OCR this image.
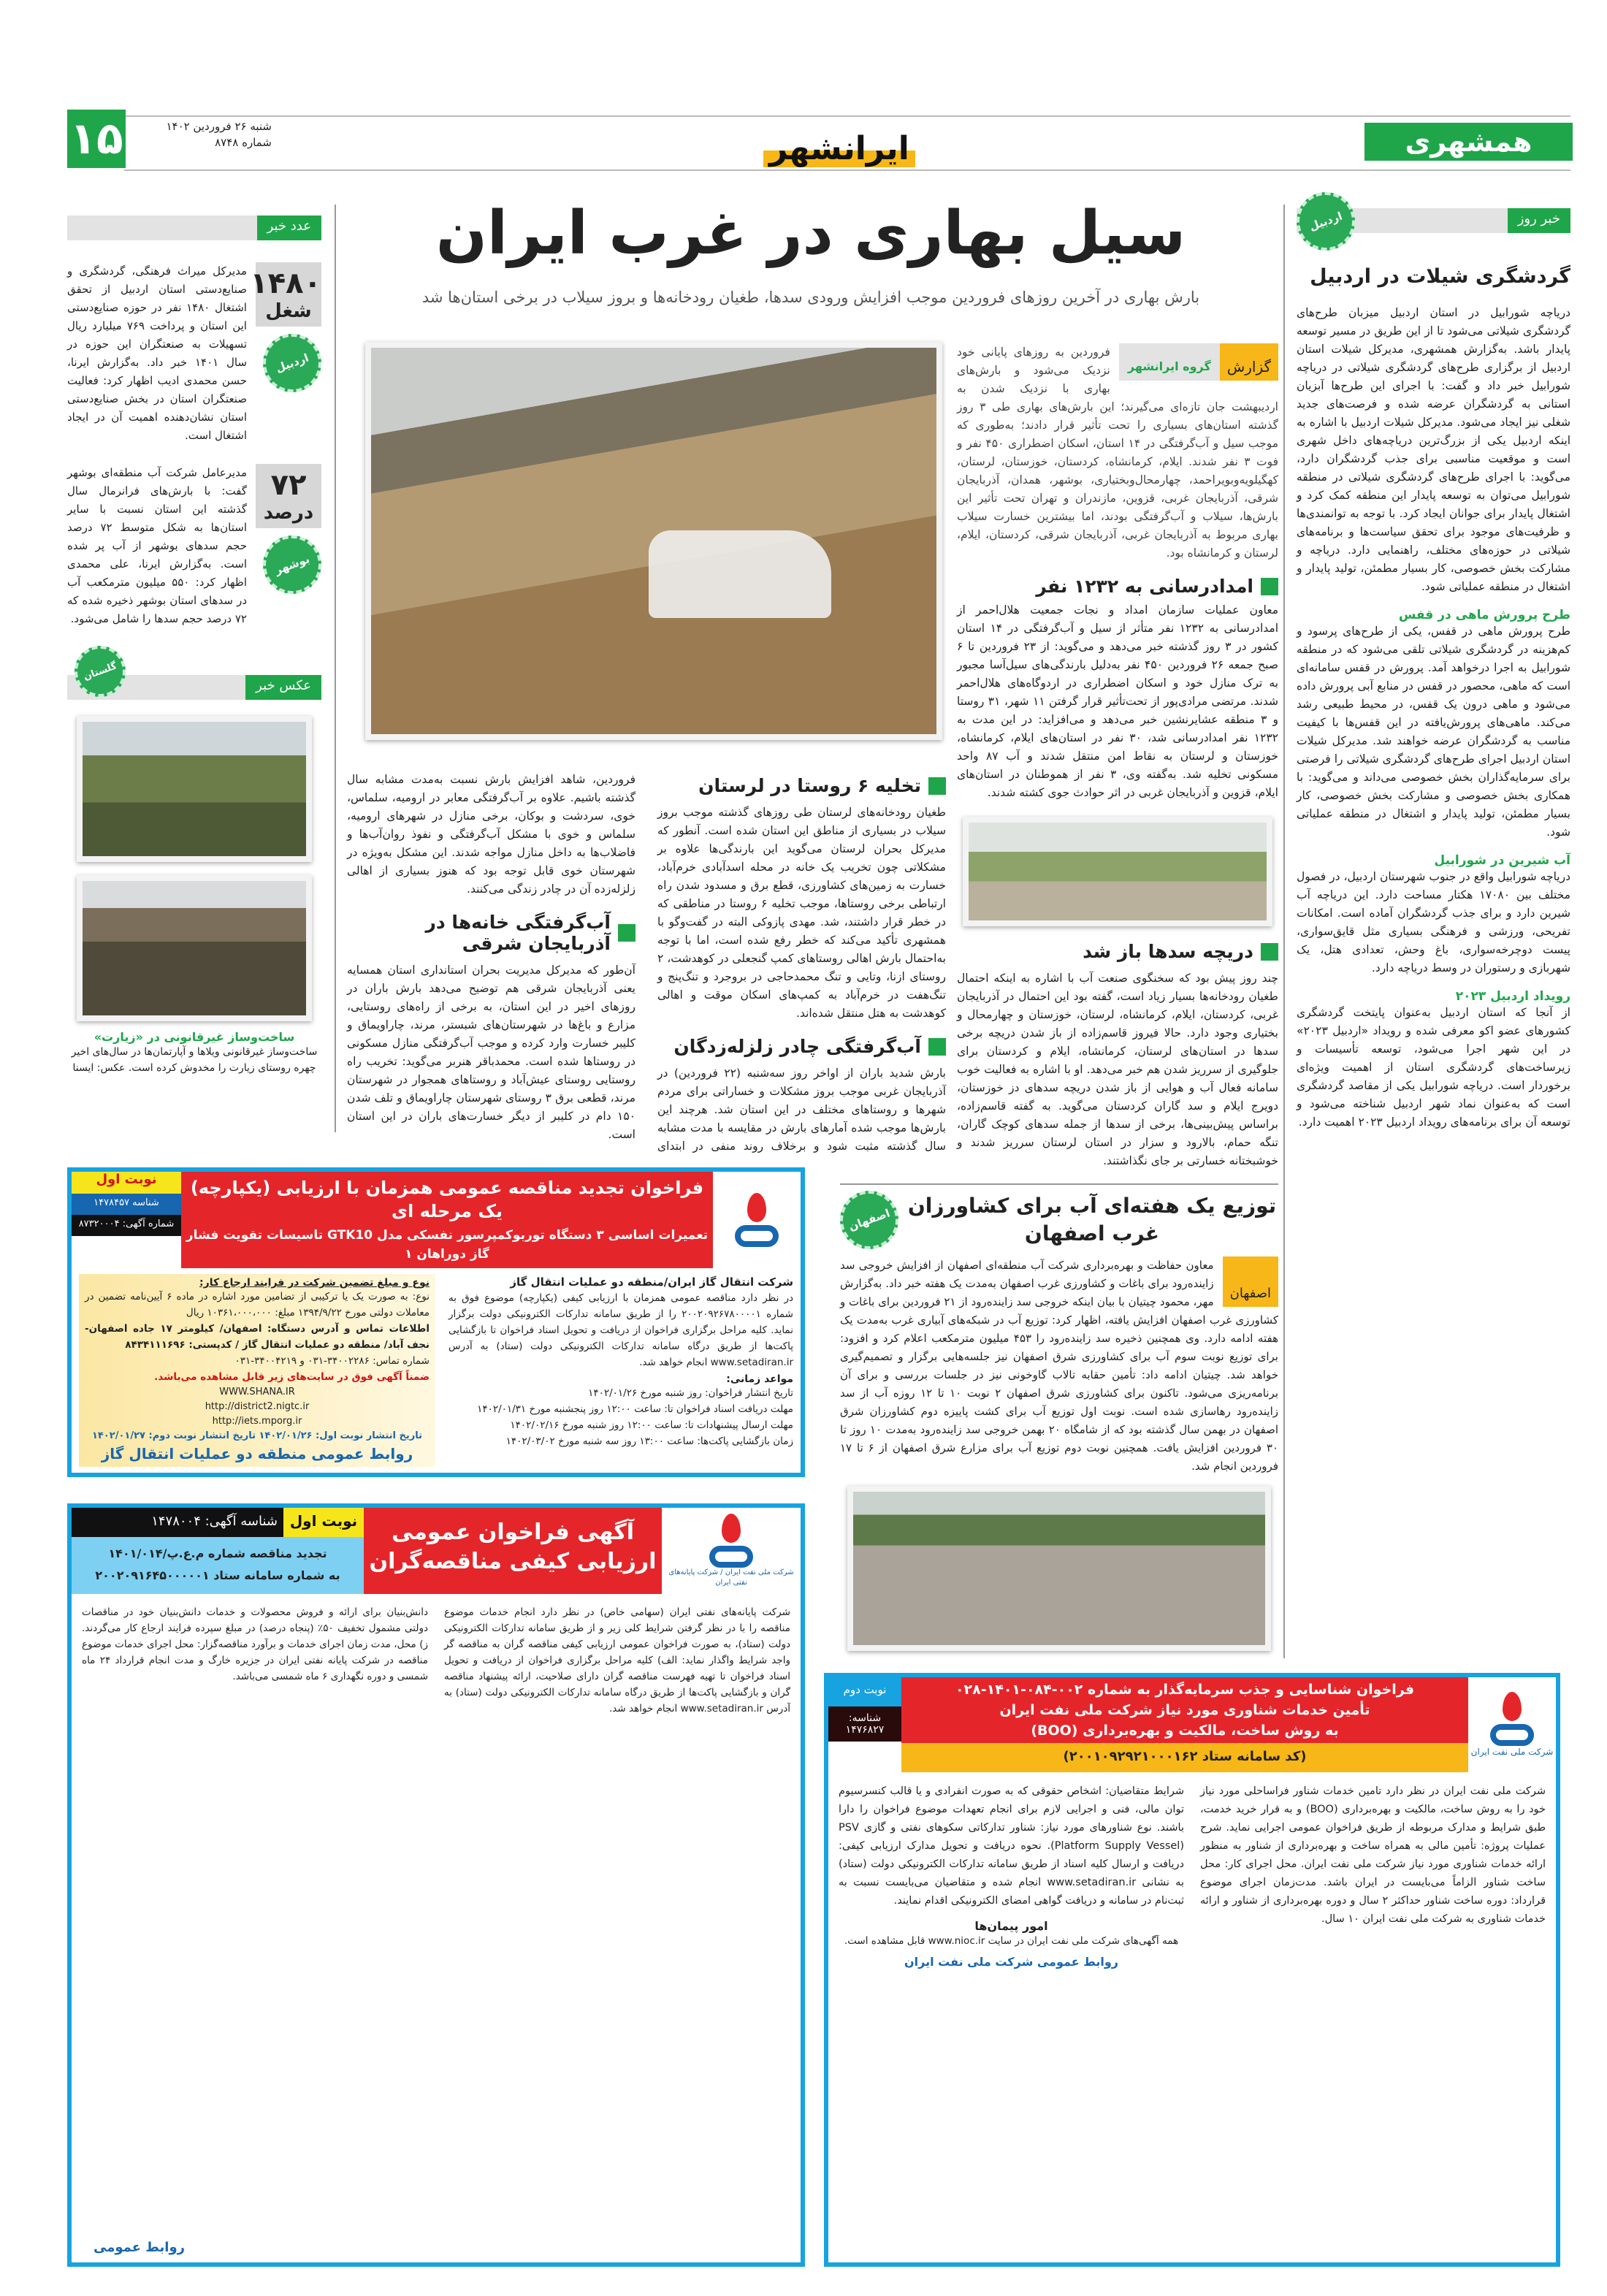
۱۵	شنبه ۲۶ فروردین ۱۴۰۲
شماره ۸۷۴۸	ایرانشهر	همشهری
خبر روز
اردبیل
گردشگری شیلات در اردبیل

دریاچه شورابیل در استان اردبیل میزبان طرح‌های گردشگری شیلاتی می‌شود تا از این طریق در مسیر توسعه پایدار باشد. به‌گزارش همشهری، مدیرکل شیلات استان اردبیل از برگزاری طرح‌های گردشگری شیلاتی در دریاچه شورابیل خبر داد و گفت: با اجرای این طرح‌ها آبزیان استانی به گردشگران عرضه شده و فرصت‌های جدید شغلی نیز ایجاد می‌شود. مدیرکل شیلات اردبیل با اشاره به اینکه اردبیل یکی از بزرگ‌ترین دریاچه‌های داخل شهری است و موقعیت مناسبی برای جذب گردشگران دارد، می‌گوید: با اجرای طرح‌های گردشگری شیلاتی در منطقه شورابیل می‌توان به توسعه پایدار این منطقه کمک کرد و اشتغال پایدار برای جوانان ایجاد کرد. با توجه به توانمندی‌ها و ظرفیت‌های موجود برای تحقق سیاست‌ها و برنامه‌های شیلاتی در حوزه‌های مختلف، راهنمایی دارد. دریاچه و مشارکت بخش خصوصی، کار بسیار مطمئن، تولید پایدار و اشتغال در منطقه عملیاتی شود.

طرح پرورش ماهی در قفس

طرح پرورش ماهی در قفس، یکی از طرح‌های پرسود و کم‌هزینه در گردشگری شیلاتی تلقی می‌شود که در منطقه شورابیل به اجرا درخواهد آمد. پرورش در قفس سامانه‌ای است که ماهی، محصور در قفس در منابع آبی پرورش داده می‌شود و ماهی درون یک قفس، در محیط طبیعی رشد می‌کند. ماهی‌های پرورش‌یافته در این قفس‌ها با کیفیت مناسب به گردشگران عرضه خواهند شد. مدیرکل شیلات استان اردبیل اجرای طرح‌های گردشگری شیلاتی را فرصتی برای سرمایه‌گذاران بخش خصوصی می‌داند و می‌گوید: با همکاری بخش خصوصی و مشارکت بخش خصوصی، کار بسیار مطمئن، تولید پایدار و اشتغال در منطقه عملیاتی شود.

آب شیرین در شورابیل

دریاچه شورابیل واقع در جنوب شهرستان اردبیل، در فصول مختلف بین ۱۷۰۸۰ هکتار مساحت دارد. این دریاچه آب شیرین دارد و برای جذب گردشگران آماده است. امکانات تفریحی، ورزشی و فرهنگی بسیاری مثل قایق‌سواری، پیست دوچرخه‌سواری، باغ وحش، تعدادی هتل، یک شهربازی و رستوران در وسط دریاچه دارد.

رویداد اردبیل ۲۰۲۳

از آنجا که استان اردبیل به‌عنوان پایتخت گردشگری کشورهای عضو اکو معرفی شده و رویداد «اردبیل ۲۰۲۳» در این شهر اجرا می‌شود، توسعه تأسیسات و زیرساخت‌های گردشگری استان از اهمیت ویژه‌ای برخوردار است. دریاچه شورابیل یکی از مقاصد گردشگری است که به‌عنوان نماد شهر اردبیل شناخته می‌شود و توسعه آن برای برنامه‌های رویداد اردبیل ۲۰۲۳ اهمیت دارد.

عدد خبر
۱۴۸۰
شغل
اردبیل

مدیرکل میراث فرهنگی، گردشگری و صنایع‌دستی استان اردبیل از تحقق اشتغال ۱۴۸۰ نفر در حوزه صنایع‌دستی این استان و پرداخت ۷۶۹ میلیارد ریال تسهیلات به صنعتگران این حوزه در سال ۱۴۰۱ خبر داد. به‌گزارش ایرنا، حسن محمدی ادیب اظهار کرد: فعالیت صنعتگران استان در بخش صنایع‌دستی استان نشان‌دهنده اهمیت آن در ایجاد اشتغال است.

۷۲
درصد
بوشهر

مدیرعامل شرکت آب منطقه‌ای بوشهر گفت: با بارش‌های فرانرمال سال گذشته این استان نسبت با سایر استان‌ها به شکل متوسط ۷۲ درصد حجم سدهای بوشهر از آب پر شده است. به‌گزارش ایرنا، علی محمدی اظهار کرد: ۵۵۰ میلیون مترمکعب آب در سدهای استان بوشهر ذخیره شده که ۷۲ درصد حجم سدها را شامل می‌شود.

عکس خبر
گلستان
ساخت‌وساز غیرقانونی در «زیارت»
ساخت‌وساز غیرقانونی ویلاها و آپارتمان‌ها در سال‌های اخیر چهره روستای زیارت را مخدوش کرده است. عکس: ایسنا
سیل بهاری در غرب ایران
بارش بهاری در آخرین روزهای فروردین موجب افزایش ورودی سدها، طغیان رودخانه‌ها و بروز سیلاب در برخی استان‌ها شد
گزارش
گروه ایرانشهر

فروردین به روزهای پایانی خود نزدیک می‌شود و بارش‌های بهاری با نزدیک شدن به اردیبهشت جان تازه‌ای می‌گیرند؛ این بارش‌های بهاری طی ۳ روز گذشته استان‌های بسیاری را تحت تأثیر قرار دادند؛ به‌طوری که موجب سیل و آب‌گرفتگی در ۱۴ استان، اسکان اضطراری ۴۵۰ نفر و فوت ۳ نفر شدند. ایلام، کرمانشاه، کردستان، خوزستان، لرستان، کهگیلویه‌وبویراحمد، چهارمحال‌وبختیاری، بوشهر، همدان، آذربایجان شرقی، آذربایجان غربی، قزوین، مازندران و تهران تحت تأثیر این بارش‌ها، سیلاب و آب‌گرفتگی بودند، اما بیشترین خسارت سیلاب بهاری مربوط به آذربایجان غربی، آذربایجان شرقی، کردستان، ایلام، لرستان و کرمانشاه بود.

امدادرسانی به ۱۲۳۲ نفر

معاون عملیات سازمان امداد و نجات جمعیت هلال‌احمر از امدادرسانی به ۱۲۳۲ نفر متأثر از سیل و آب‌گرفتگی در ۱۴ استان کشور در ۳ روز گذشته خبر می‌دهد و می‌گوید: از ۲۳ فروردین تا ۶ صبح جمعه ۲۶ فروردین ۴۵۰ نفر به‌دلیل بارندگی‌های سیل‌آسا مجبور به ترک منازل خود و اسکان اضطراری در اردوگاه‌های هلال‌احمر شدند. مرتضی مرادی‌پور از تحت‌تأثیر قرار گرفتن ۱۱ شهر، ۳۱ روستا و ۳ منطقه عشایرنشین خبر می‌دهد و می‌افزاید: در این مدت به ۱۲۳۲ نفر امدادرسانی شد، ۳۰ نفر در استان‌های ایلام، کرمانشاه، خوزستان و لرستان به نقاط امن منتقل شدند و آب ۸۷ واحد مسکونی تخلیه شد. به‌گفته وی، ۳ نفر از هموطنان در استان‌های ایلام، قزوین و آذربایجان غربی در اثر حوادث جوی کشته شدند.

دریچه سدها باز شد

چند روز پیش بود که سخنگوی صنعت آب با اشاره به اینکه احتمال طغیان رودخانه‌ها بسیار زیاد است، گفته بود این احتمال در آذربایجان غربی، کردستان، ایلام، کرمانشاه، لرستان، خوزستان و چهارمحال و بختیاری وجود دارد. حالا فیروز قاسم‌زاده از باز شدن دریچه برخی سدها در استان‌های لرستان، کرمانشاه، ایلام و کردستان برای جلوگیری از سرریز شدن هم خبر می‌دهد. او با اشاره به فعالیت خوب سامانه فعال آب و هوایی از باز شدن دریچه سدهای دز خوزستان، دویرج ایلام و سد گاران کردستان می‌گوید. به گفته قاسم‌زاده، براساس پیش‌بینی‌ها، برخی از سدها از جمله سدهای کوچک گاران، تنگه حمام، بالارود و سزار در استان لرستان سرریز شدند و خوشبختانه خسارتی بر جای نگذاشتند.

تخلیه ۶ روستا در لرستان

طغیان رودخانه‌های لرستان طی روزهای گذشته موجب بروز سیلاب در بسیاری از مناطق این استان شده است. آنطور که مدیرکل بحران لرستان می‌گوید این بارندگی‌ها علاوه بر مشکلاتی چون تخریب یک خانه در محله اسدآبادی خرم‌آباد، خسارت به زمین‌های کشاورزی، قطع برق و مسدود شدن راه ارتباطی برخی روستاها، موجب تخلیه ۶ روستا در مناطقی که در خطر قرار داشتند، شد. مهدی پازوکی البته در گفت‌وگو با همشهری تأکید می‌کند که خطر رفع شده است، اما با توجه به‌احتمال بارش اهالی روستاهای کمپ گنجعلی در کوهدشت، ۲ روستای ازنا، وتایی و تنگ محمدحاجی در بروجرد و تنگ‌پنج و تنگ‌هفت در خرم‌آباد به کمپ‌های اسکان موقت و اهالی کوهدشت به هتل منتقل شده‌اند.

آب‌گرفتگی چادر زلزله‌زدگان

بارش شدید باران از اواخر روز سه‌شنبه (۲۲ فروردین) در آذربایجان غربی موجب بروز مشکلات و خساراتی برای مردم شهرها و روستاهای مختلف در این استان شد. هرچند این بارش‌ها موجب شده آمارهای بارش در مقایسه با مدت مشابه سال گذشته مثبت شود و برخلاف روند منفی در ابتدای فروردین، شاهد افزایش بارش نسبت به‌مدت مشابه سال گذشته باشیم. علاوه بر آب‌گرفتگی معابر در ارومیه، سلماس، خوی، سردشت و بوکان، برخی منازل در شهرهای ارومیه، سلماس و خوی با مشکل آب‌گرفتگی و نفوذ روان‌آب‌ها و فاضلاب‌ها به داخل منازل مواجه شدند. این مشکل به‌ویژه در شهرستان خوی قابل توجه بود که هنوز بسیاری از اهالی زلزله‌زده آن در چادر زندگی می‌کنند.

آب‌گرفتگی خانه‌ها در آذربایجان شرقی

آن‌طور که مدیرکل مدیریت بحران استانداری استان همسایه یعنی آذربایجان شرقی هم توضیح می‌دهد بارش باران در روزهای اخیر در این استان، به برخی از راه‌های روستایی، مزارع و باغ‌ها در شهرستان‌های شبستر، مرند، چاراویماق و کلیبر خسارت وارد کرده و موجب آب‌گرفتگی منازل مسکونی در روستاها شده است. محمدباقر هنربر می‌گوید: تخریب راه روستایی روستای عیش‌آباد و روستاهای همجوار در شهرستان مرند، قطعی برق ۳ روستای شهرستان چاراویماق و تلف شدن ۱۵۰ دام در کلیبر از دیگر خسارت‌های باران در این استان است.

توزیع یک هفته‌ای آب برای کشاورزان غرب اصفهان
اصفهان
اصفهان

معاون حفاظت و بهره‌برداری شرکت آب منطقه‌ای اصفهان از افزایش خروجی سد زاینده‌رود برای باغات و کشاورزی غرب اصفهان به‌مدت یک هفته خبر داد. به‌گزارش مهر، محمود چیتیان با بیان اینکه خروجی سد زاینده‌رود از ۲۱ فروردین برای باغات و کشاورزی غرب اصفهان افزایش یافته، اظهار کرد: توزیع آب در شبکه‌های آبیاری غرب به‌مدت یک هفته ادامه دارد. وی همچنین ذخیره سد زاینده‌رود را ۴۵۳ میلیون مترمکعب اعلام کرد و افزود: برای توزیع نوبت سوم آب برای کشاورزی شرق اصفهان نیز جلسه‌هایی برگزار و تصمیم‌گیری خواهد شد. چیتیان ادامه داد: تأمین حقابه تالاب گاوخونی نیز در جلسات بررسی و برای آن برنامه‌ریزی می‌شود. تاکنون برای کشاورزی شرق اصفهان ۲ نوبت ۱۰ تا ۱۲ روزه آب از سد زاینده‌رود رهاسازی شده است. نوبت اول توزیع آب برای کشت پاییزه دوم کشاورزان شرق اصفهان در بهمن سال گذشته بود که از شامگاه ۲۰ بهمن خروجی سد زاینده‌رود به‌مدت ۱۰ روز تا ۳۰ فروردین افزایش یافت. همچنین نوبت دوم توزیع آب برای مزارع شرق اصفهان از ۶ تا ۱۷ فروردین انجام شد.

فراخوان تجدید مناقصه عمومی همزمان با ارزیابی (یکپارچه) یک مرحله ای
تعمیرات اساسی ۳ دستگاه توربوکمپرسور نفسکی مدل GTK10 تاسیسات تقویت فشار گاز دوراهان ۱
نوبت اول
شناسه ۱۴۷۸۴۵۷
شماره آگهی: ۸۷۳۲۰۰۰۴
شرکت انتقال گاز ایران/منطقه دو عملیات انتقال گاز

در نظر دارد مناقصه عمومی همزمان با ارزیابی کیفی (یکپارچه) موضوع فوق به شماره ۲۰۰۲۰۹۲۶۷۸۰۰۰۰۱ را از طریق سامانه تدارکات الکترونیکی دولت برگزار نماید. کلیه مراحل برگزاری فراخوان از دریافت و تحویل اسناد فراخوان تا بازگشایی پاکت‌ها از طریق درگاه سامانه تدارکات الکترونیکی دولت (ستاد) به آدرس www.setadiran.ir انجام خواهد شد.

مواعد زمانی:
تاریخ انتشار فراخوان: روز شنبه مورخ ۱۴۰۲/۰۱/۲۶
مهلت دریافت اسناد فراخوان تا: ساعت ۱۲:۰۰ روز پنجشنبه مورخ ۱۴۰۲/۰۱/۳۱
مهلت ارسال پیشنهادات تا: ساعت ۱۲:۰۰ روز شنبه مورخ ۱۴۰۲/۰۲/۱۶
زمان بازگشایی پاکت‌ها: ساعت ۱۳:۰۰ روز سه شنبه مورخ ۱۴۰۲/۰۳/۰۲
نوع و مبلغ تضمین شرکت در فرایند ارجاع کار:

نوع: به صورت یک یا ترکیبی از تضامین مورد اشاره در ماده ۶ آیین‌نامه تضمین در معاملات دولتی مورخ ۱۳۹۴/۹/۲۲ مبلغ: ۱۰۳۶۱،۰۰۰،۰۰۰ ریال

اطلاعات تماس و آدرس دستگاه: اصفهان/ کیلومتر ۱۷ جاده اصفهان-نجف آباد/ منطقه دو عملیات انتقال گاز / کدپستی: ۸۴۳۴۱۱۱۶۹۶

شماره تماس: ۳۴۰۰۲۲۸۶-۰۳۱ و ۳۴۰۰۴۲۱۹-۰۳۱

ضمناً آگهی فوق در سایت‌های زیر قابل مشاهده می‌باشد.

WWW.SHANA.IR
http://district2.nigtc.ir
http://iets.mporg.ir
تاریخ انتشار نوبت اول: ۱۴۰۲/۰۱/۲۶ تاریخ انتشار نوبت دوم: ۱۴۰۲/۰۱/۲۷
روابط عمومی منطقه دو عملیات انتقال گاز
شرکت ملی نفت ایران / شرکت پایانه‌های نفتی ایران
آگهی فراخوان عمومی ارزیابی کیفی مناقصه‌گران
نوبت اول
شناسه آگهی: ۱۴۷۸۰۰۴
تجدید مناقصه شماره م.ع.پ/۱۴۰۱/۰۱۴
به شماره سامانه ستاد ۲۰۰۲۰۹۱۶۴۵۰۰۰۰۰۱

شرکت پایانه‌های نفتی ایران (سهامی خاص) در نظر دارد انجام خدمات موضوع مناقصه را با در نظر گرفتن شرایط کلی زیر و از طریق سامانه تدارکات الکترونیکی دولت (ستاد)، به صورت فراخوان عمومی ارزیابی کیفی مناقصه گران به مناقصه گر واجد شرایط واگذار نماید: الف) کلیه مراحل برگزاری فراخوان از دریافت و تحویل اسناد فراخوان تا تهیه فهرست مناقصه گران دارای صلاحیت، ارائه پیشنهاد مناقصه گران و بازگشایی پاکت‌ها از طریق درگاه سامانه تدارکات الکترونیکی دولت (ستاد) به آدرس www.setadiran.ir انجام خواهد شد.

دانش‌بنیان برای ارائه و فروش محصولات و خدمات دانش‌بنیان خود در مناقصات دولتی مشمول تخفیف ۵۰٪ (پنجاه درصد) در مبلغ سپرده فرایند ارجاع کار می‌گردند. ز) محل، مدت زمان اجرای خدمات و برآورد مناقصه‌گزار: محل اجرای خدمات موضوع مناقصه در شرکت پایانه نفتی ایران در جزیره خارگ و مدت انجام قرارداد ۲۴ ماه شمسی و دوره نگهداری ۶ ماه شمسی می‌باشد.

روابط عمومی
شرکت ملی نفت ایران
فراخوان شناسایی و جذب سرمایه‌گذار به شماره ۰۰۲-۰۸۴-۱۴۰۱-۰۲۸
تأمین خدمات شناوری مورد نیاز شرکت ملی نفت ایران
به روش ساخت، مالکیت و بهره‌برداری (BOO)
(کد سامانه ستاد ۲۰۰۱۰۹۲۹۲۱۰۰۰۱۶۲)
نوبت دوم
شناسه: ۱۴۷۶۸۲۷

شرکت ملی نفت ایران در نظر دارد تامین خدمات شناور فراساحلی مورد نیاز خود را به روش ساخت، مالکیت و بهره‌برداری (BOO) و به قرار خرید خدمت، طبق شرایط و مدارک مربوطه از طریق فراخوان عمومی اجرایی نماید. شرح عملیات پروژه: تأمین مالی به همراه ساخت و بهره‌برداری از شناور به منظور ارائه خدمات شناوری مورد نیاز شرکت ملی نفت ایران. محل اجرای کار: محل ساخت شناور الزاماً می‌بایست در ایران باشد. مدت‌زمان اجرای موضوع قرارداد: دوره ساخت شناور حداکثر ۲ سال و دوره بهره‌برداری از شناور و ارائه خدمات شناوری به شرکت ملی نفت ایران ۱۰ سال.

شرایط متقاضیان: اشخاص حقوقی که به صورت انفرادی و یا قالب کنسرسیوم توان مالی، فنی و اجرایی لازم برای انجام تعهدات موضوع فراخوان را دارا باشند. نوع شناورهای مورد نیاز: شناور تدارکاتی سکوهای نفتی و گازی PSV (Platform Supply Vessel). نحوه دریافت و تحویل مدارک ارزیابی کیفی: دریافت و ارسال کلیه اسناد از طریق سامانه تدارکات الکترونیکی دولت (ستاد) به نشانی www.setadiran.ir انجام شده و متقاضیان می‌بایست نسبت به ثبت‌نام در سامانه و دریافت گواهی امضای الکترونیکی اقدام نمایند.

امور پیمان‌ها

همه آگهی‌های شرکت ملی نفت ایران در سایت www.nioc.ir قابل مشاهده است.

روابط عمومی شرکت ملی نفت ایران
